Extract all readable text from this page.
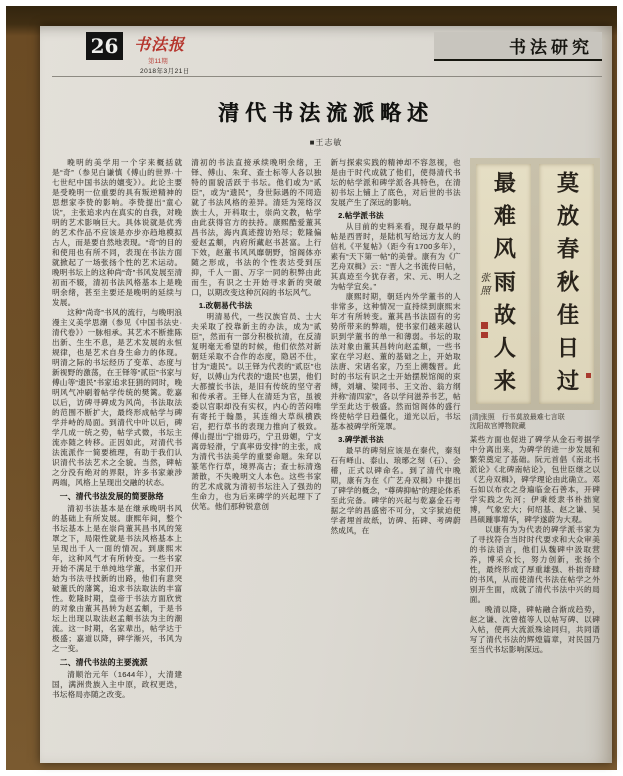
26 书法报
第11期
2018年3月21日
书法研究
清代书法流派略述
■王志敏
晚明的美学用一个字来概括就是“奇”（参见白谦慎《傅山的世界·十七世纪中国书法的嬗变》）。此论主要是受晚明一位重要的具有叛逆精神的思想家李贽的影响。李贽提出“童心说”，主张追求内在真实的自我，对晚明的艺术影响巨大。具体说就是优秀的艺术作品不应该是亦步亦趋地模拟古人，而是要自然地表现。“奇”的目的和使用也有所不同，表现在书法方面就掀起了一场张扬个性的艺术运动。晚明书坛上的这种尚“奇”书风发展至清初而不辍，清初书法风格基本上是晚明余绪，甚至主要还是晚明的延续与发展。
这种“尚奇”书风的流行，与晚明浪漫主义美学思潮（参见《中国书法史·清代卷》）一脉相承。其艺术不断推陈出新、生生不息，是艺术发展的永恒规律，也是艺术自身生命力的体现。明清之际的书坛经历了变革、态度与新视野的激荡，在王铎等“贰臣”书家与傅山等“遗民”书家追求狂狷的同时，晚明风气冲刷着帖学传统的樊篱。乾嘉以后，访碑寻碑成为风尚，书法取法的范围不断扩大，最终形成帖学与碑学并峙的局面。到清代中叶以后，碑学几成一统之势，帖学式微，书坛主流亦随之转移。正因如此，对清代书法流派作一简要梳理，有助于我们认识清代书法艺术之全貌。当然，碑帖之分没有绝对的界限，许多书家兼涉两端，风格上呈现出交融的状态。
一、清代书法发展的简要脉络
清初书法基本是在继承晚明书风的基础上有所发展。康熙年间，整个书坛基本上是在崇尚董其昌书风的笼罩之下，局限性就是书法风格基本上呈现出千人一面的情况。到康熙末年，这种风气才有所转变。一些书家开始不满足于单纯地学董，书家们开始为书法寻找新的出路，他们有意突破董氏的藩篱，追求书法取法的丰富性。乾隆时期，皇帝于书法方面欣赏的对象由董其昌转为赵孟頫，于是书坛上出现以取法赵孟頫书法为主的潮流。这一时期，名家辈出，帖学达于极盛；嘉道以降，碑学渐兴，书风为之一变。
二、清代书法的主要流派
清顺治元年（1644年），大清建国，满洲贵族入主中原，政权更迭，书坛格局亦随之改变。
清初的书法直接承续晚明余绪，王铎、傅山、朱耷、查士标等人各以独特的面貌活跃于书坛。他们或为“贰臣”，或为“遗民”，身世际遇的不同造就了书法风格的差异。清廷为笼络汉族士人，开科取士，崇尚文教，帖学由此获得官方的扶持。康熙酷爱董其昌书法，海内真迹搜访殆尽；乾隆偏爱赵孟頫，内府所藏赵书甚富。上行下效，赵董书风风靡朝野，馆阁体亦随之形成，书法的个性表达受到压抑，千人一面、万字一同的积弊由此而生，有识之士开始寻求新的突破口，以期改变这种沉闷的书坛风气。
1.改朝易代书法
明清易代，一些汉族官员、士大夫采取了投靠新主的办法，成为“贰臣”，然而有一部分积极抗清，在反清复明毫无希望的时候，他们依然对新朝廷采取不合作的态度，隐居不仕，甘为“遗民”。以王铎为代表的“贰臣”也好，以傅山为代表的“遗民”也罢，他们大都擅长书法，是旧有传统的坚守者和传承者。王铎人在清廷为官，虽被委以官职却没有实权，内心的苦闷唯有寄托于翰墨，其连绵大草纵横跌宕，把行草书的表现力推向了极致。傅山提出“宁拙毋巧，宁丑毋媚，宁支离毋轻滑，宁真率毋安排”的主张，成为清代书法美学的重要命题。朱耷以篆笔作行草，境界高古；查士标清逸萧散，不失晚明文人本色。这些书家的艺术成就为清初书坛注入了强劲的生命力，也为后来碑学的兴起埋下了伏笔。他们那种锐意创
新与探索实践的精神却不容忽视，也是由于时代成就了他们，使得清代书坛的帖学派和碑学派各具特色，在清初书坛上铺上了底色，对后世的书法发展产生了深远的影响。
2.帖学派书法
从目前的史料来看，现存最早的帖是西晋时，是陆机写给远方友人的信札《平复帖》（距今有1700多年），素有“天下第一帖”的美誉。康有为《广艺舟双楫》云：“晋人之书流传曰帖，其真迹至今犹存者，宋、元、明人之为帖学宜矣。”
康熙时期，朝廷内外学董书的人非常多，这种情况一直持续到康熙末年才有所转变。董其昌书法固有的劣势所带来的弊端，使书家们越来越认识到学董书的单一和薄弱。书坛的取法对象由董其昌转向赵孟頫，一些书家在学习赵、董的基础之上，开始取法唐、宋诸名家，乃至上溯魏晋。此时的书坛有识之士开始摆脱馆阁的束缚，刘墉、梁同书、王文治、翁方纲并称“清四家”，各以学问滋养书艺，帖学至此达于极盛。然而馆阁体的盛行终使帖学日趋僵化，道光以后，书坛基本被碑学所笼罩。
3.碑学派书法
最早的碑刻应该是在秦代，秦刻石有峄山、泰山、琅琊之刻（石）、会稽，正式以碑命名。到了清代中晚期，康有为在《广艺舟双楫》中提出了碑学的概念，“尊碑抑帖”的理论体系至此完备。碑学的兴起与乾嘉金石考据之学的昌盛密不可分，文字狱迫使学者埋首故纸，访碑、拓碑、考碑蔚然成风，在
最难风雨故人来
张照	莫放春秋佳日过
[清]张照　行书莫放最难七言联
沈阳故宫博物院藏
某些方面也促进了碑学从金石考据学中分离出来，为碑学的进一步发展和繁荣奠定了基础。阮元首倡《南北书派论》《北碑南帖论》，包世臣继之以《艺舟双楫》，碑学理论由此确立。邓石如以布衣之身遍临金石善本，开碑学实践之先河；伊秉绶隶书朴拙宽博，气象宏大；何绍基、赵之谦、吴昌硕踵事增华，碑学遂蔚为大观。
以康有为为代表的碑学派书家为了寻找符合当时时代要求和大众审美的书法语言，他们从魏碑中汲取营养，博采众长，努力创新，张扬个性，最终形成了厚重雄强、朴拙奇肆的书风，从而使清代书法在帖学之外别开生面，成就了清代书法中兴的局面。
晚清以降，碑帖融合渐成趋势，赵之谦、沈曾植等人以帖写碑、以碑入帖，使两大流派殊途同归，共同谱写了清代书法的辉煌篇章，对民国乃至当代书坛影响深远。
